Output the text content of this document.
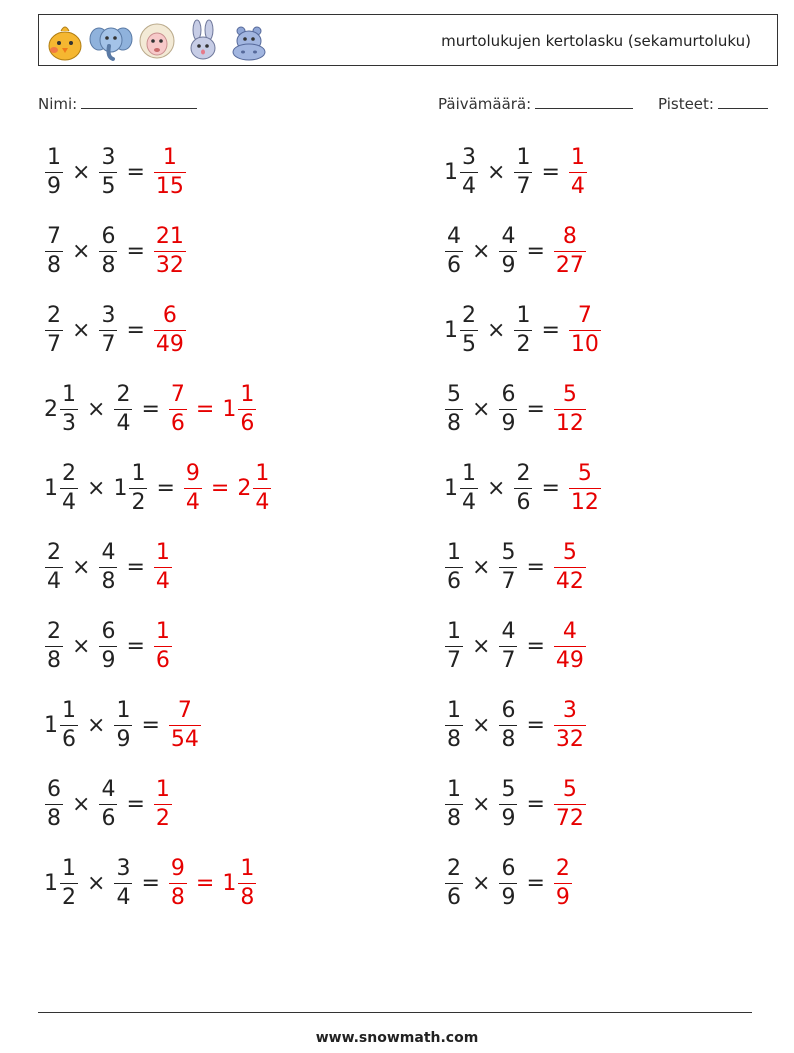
murtolukujen kertolasku (sekamurtoluku)
Nimi:	Päivämäärä:	Pisteet:
$\frac{1}{9} \times \frac{3}{5} = \frac{1}{15}$	$1 \frac{3}{4} \times \frac{1}{7} = \frac{1}{4}$
$\frac{7}{8} \times \frac{6}{8} = \frac{21}{32}$	$\frac{4}{6} \times \frac{4}{9} = \frac{8}{27}$
$\frac{2}{7} \times \frac{3}{7} = \frac{6}{49}$	$1 \frac{2}{5} \times \frac{1}{2} = \frac{7}{10}$
$2 \frac{1}{3} \times \frac{2}{4} = \frac{7}{6} = 1 \frac{1}{6}$	$\frac{5}{8} \times \frac{6}{9} = \frac{5}{12}$
$1 \frac{2}{4} \times 1 \frac{1}{2} = \frac{9}{4} = 2 \frac{1}{4}$	$1 \frac{1}{4} \times \frac{2}{6} = \frac{5}{12}$
$\frac{2}{4} \times \frac{4}{8} = \frac{1}{4}$	$\frac{1}{6} \times \frac{5}{7} = \frac{5}{42}$
$\frac{2}{8} \times \frac{6}{9} = \frac{1}{6}$	$\frac{1}{7} \times \frac{4}{7} = \frac{4}{49}$
$1 \frac{1}{6} \times \frac{1}{9} = \frac{7}{54}$	$\frac{1}{8} \times \frac{6}{8} = \frac{3}{32}$
$\frac{6}{8} \times \frac{4}{6} = \frac{1}{2}$	$\frac{1}{8} \times \frac{5}{9} = \frac{5}{72}$
$1 \frac{1}{2} \times \frac{3}{4} = \frac{9}{8} = 1 \frac{1}{8}$	$\frac{2}{6} \times \frac{6}{9} = \frac{2}{9}$
www.snowmath.com
